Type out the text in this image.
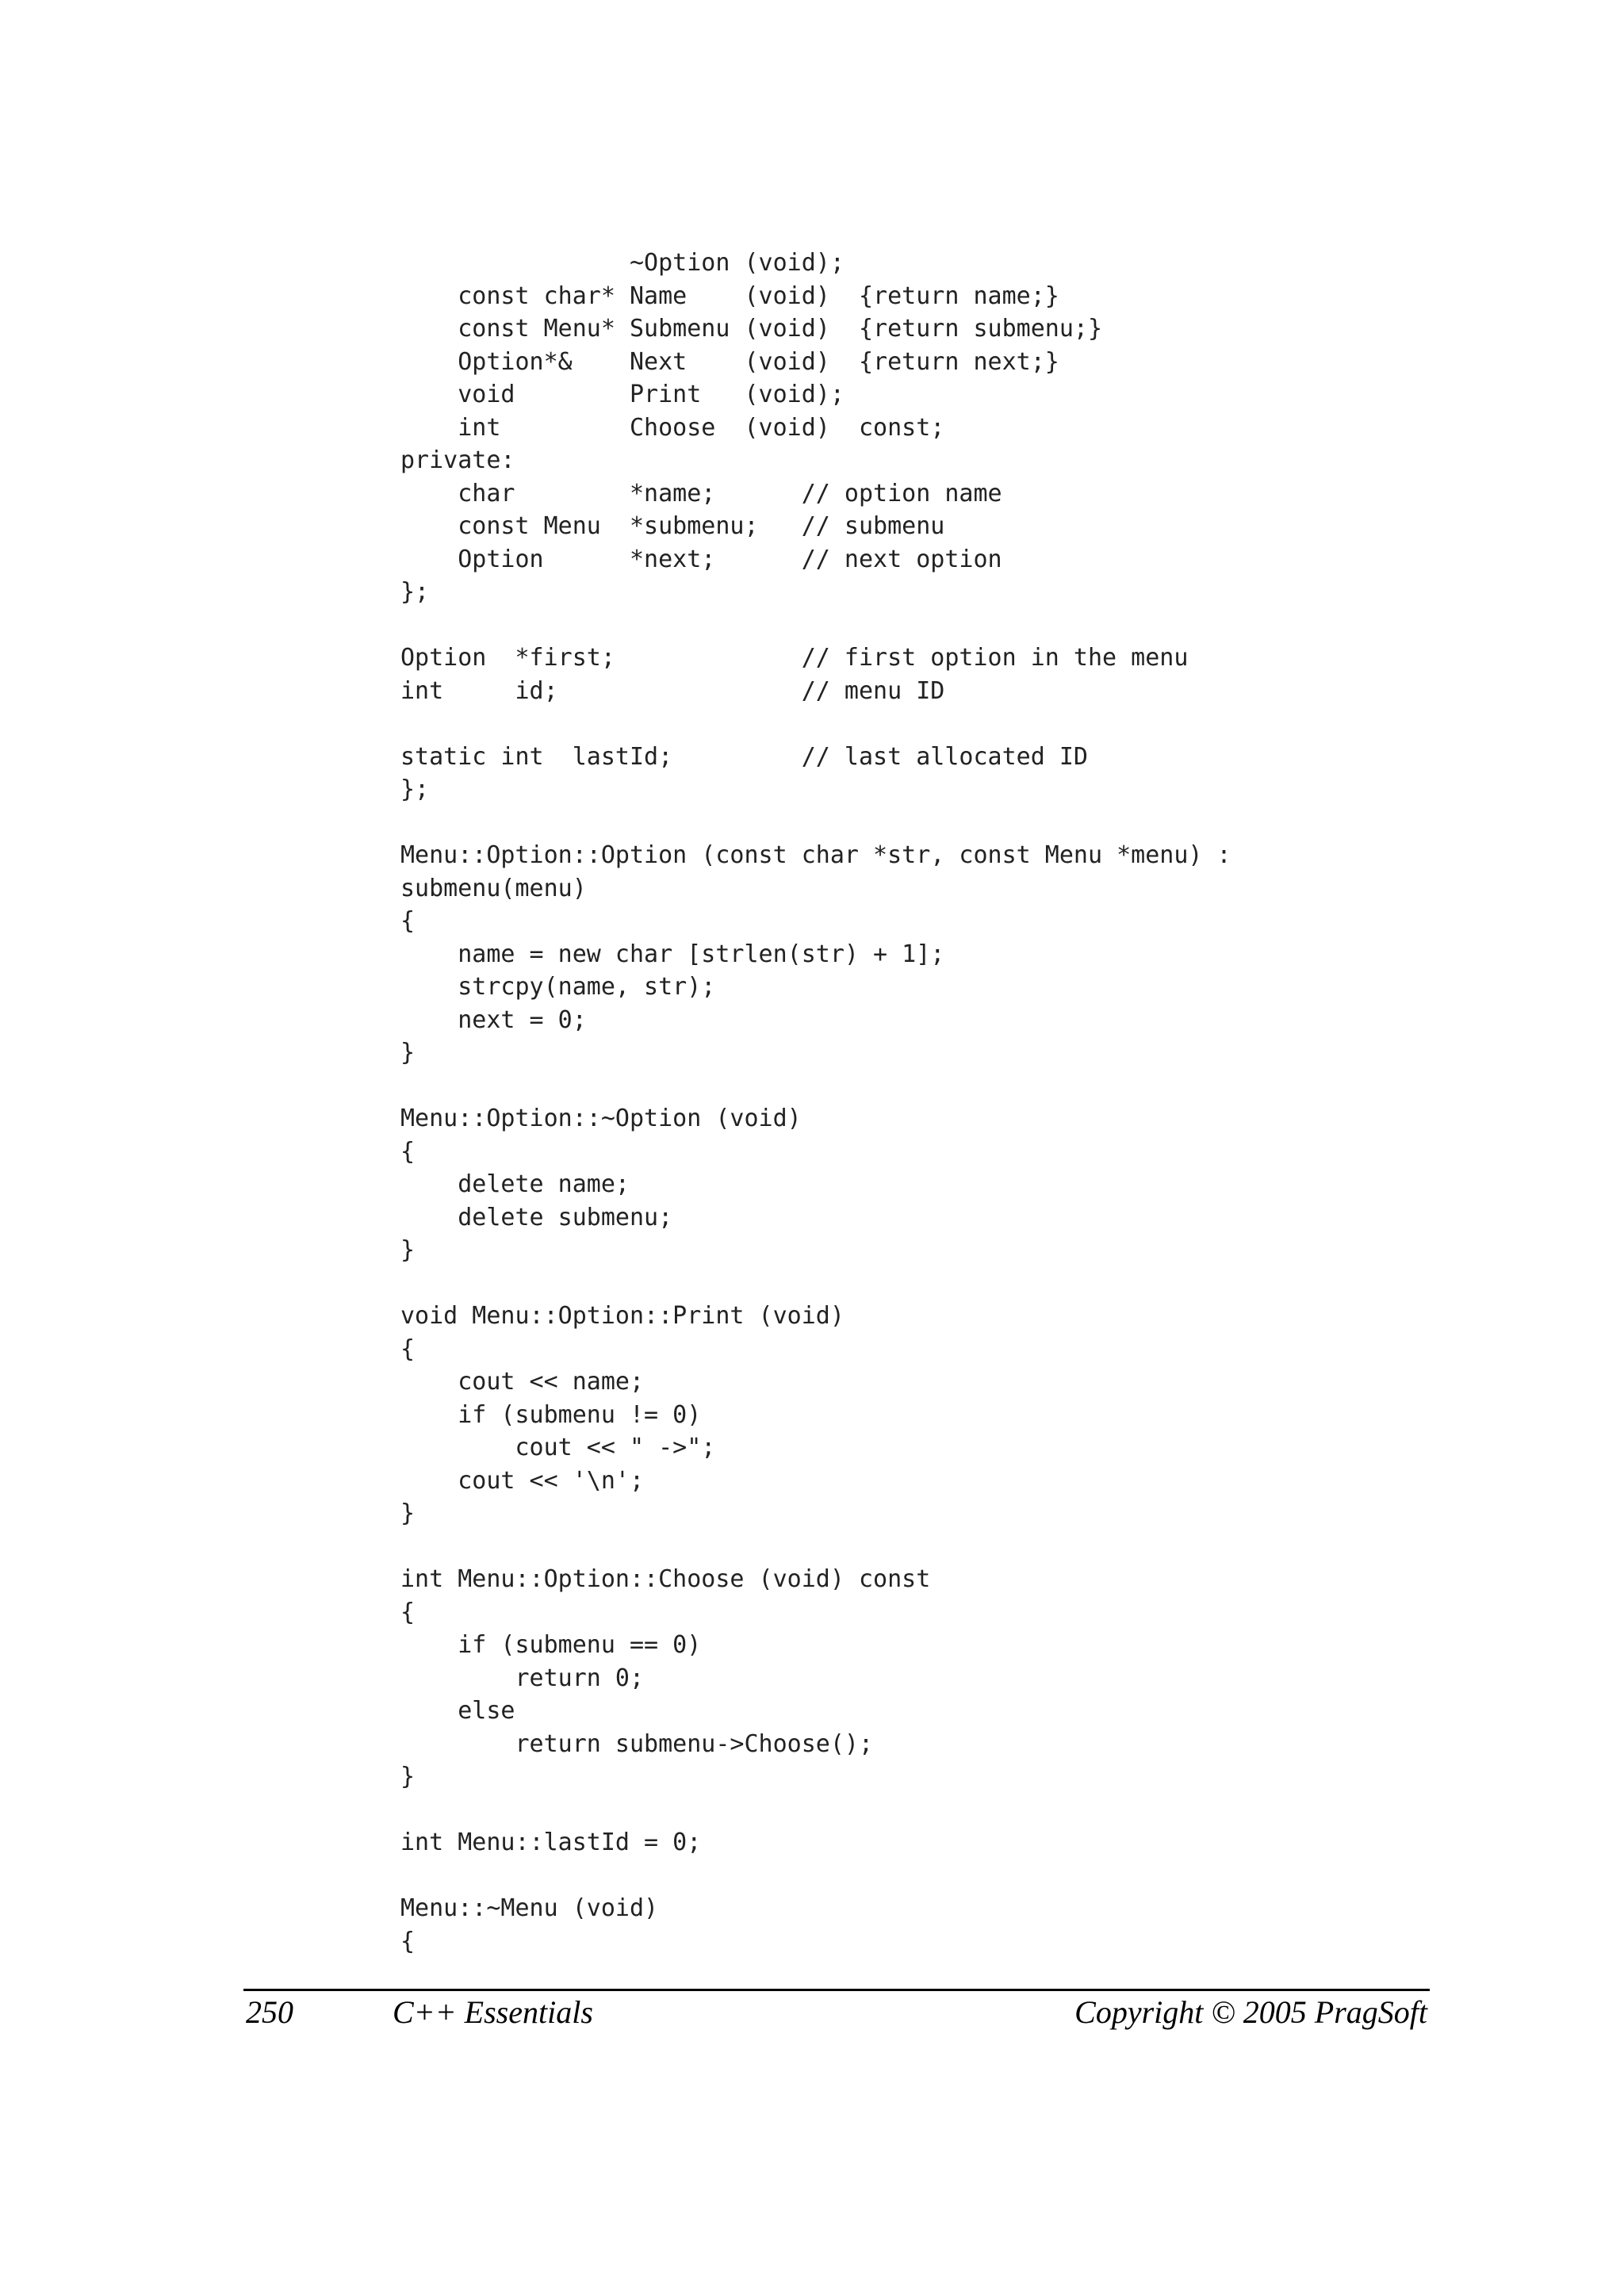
~Option (void);
const char* Name    (void)  {return name;}
const Menu* Submenu (void)  {return submenu;}
Option*&    Next    (void)  {return next;}
void        Print   (void);
int         Choose  (void)  const;
private:
char        *name;      // option name
const Menu  *submenu;   // submenu
Option      *next;      // next option
};
Option  *first;             // first option in the menu
int     id;                 // menu ID
static int  lastId;         // last allocated ID
};
Menu::Option::Option (const char *str, const Menu *menu) :
submenu(menu)
{
name = new char [strlen(str) + 1];
strcpy(name, str);
next = 0;
}
Menu::Option::~Option (void)
{
delete name;
delete submenu;
}
void Menu::Option::Print (void)
{
cout << name;
if (submenu != 0)
cout << " ->";
cout << '\n';
}
int Menu::Option::Choose (void) const
{
if (submenu == 0)
return 0;
else
return submenu->Choose();
}
int Menu::lastId = 0;
Menu::~Menu (void)
{
250	C++ Essentials	Copyright © 2005 PragSoft
